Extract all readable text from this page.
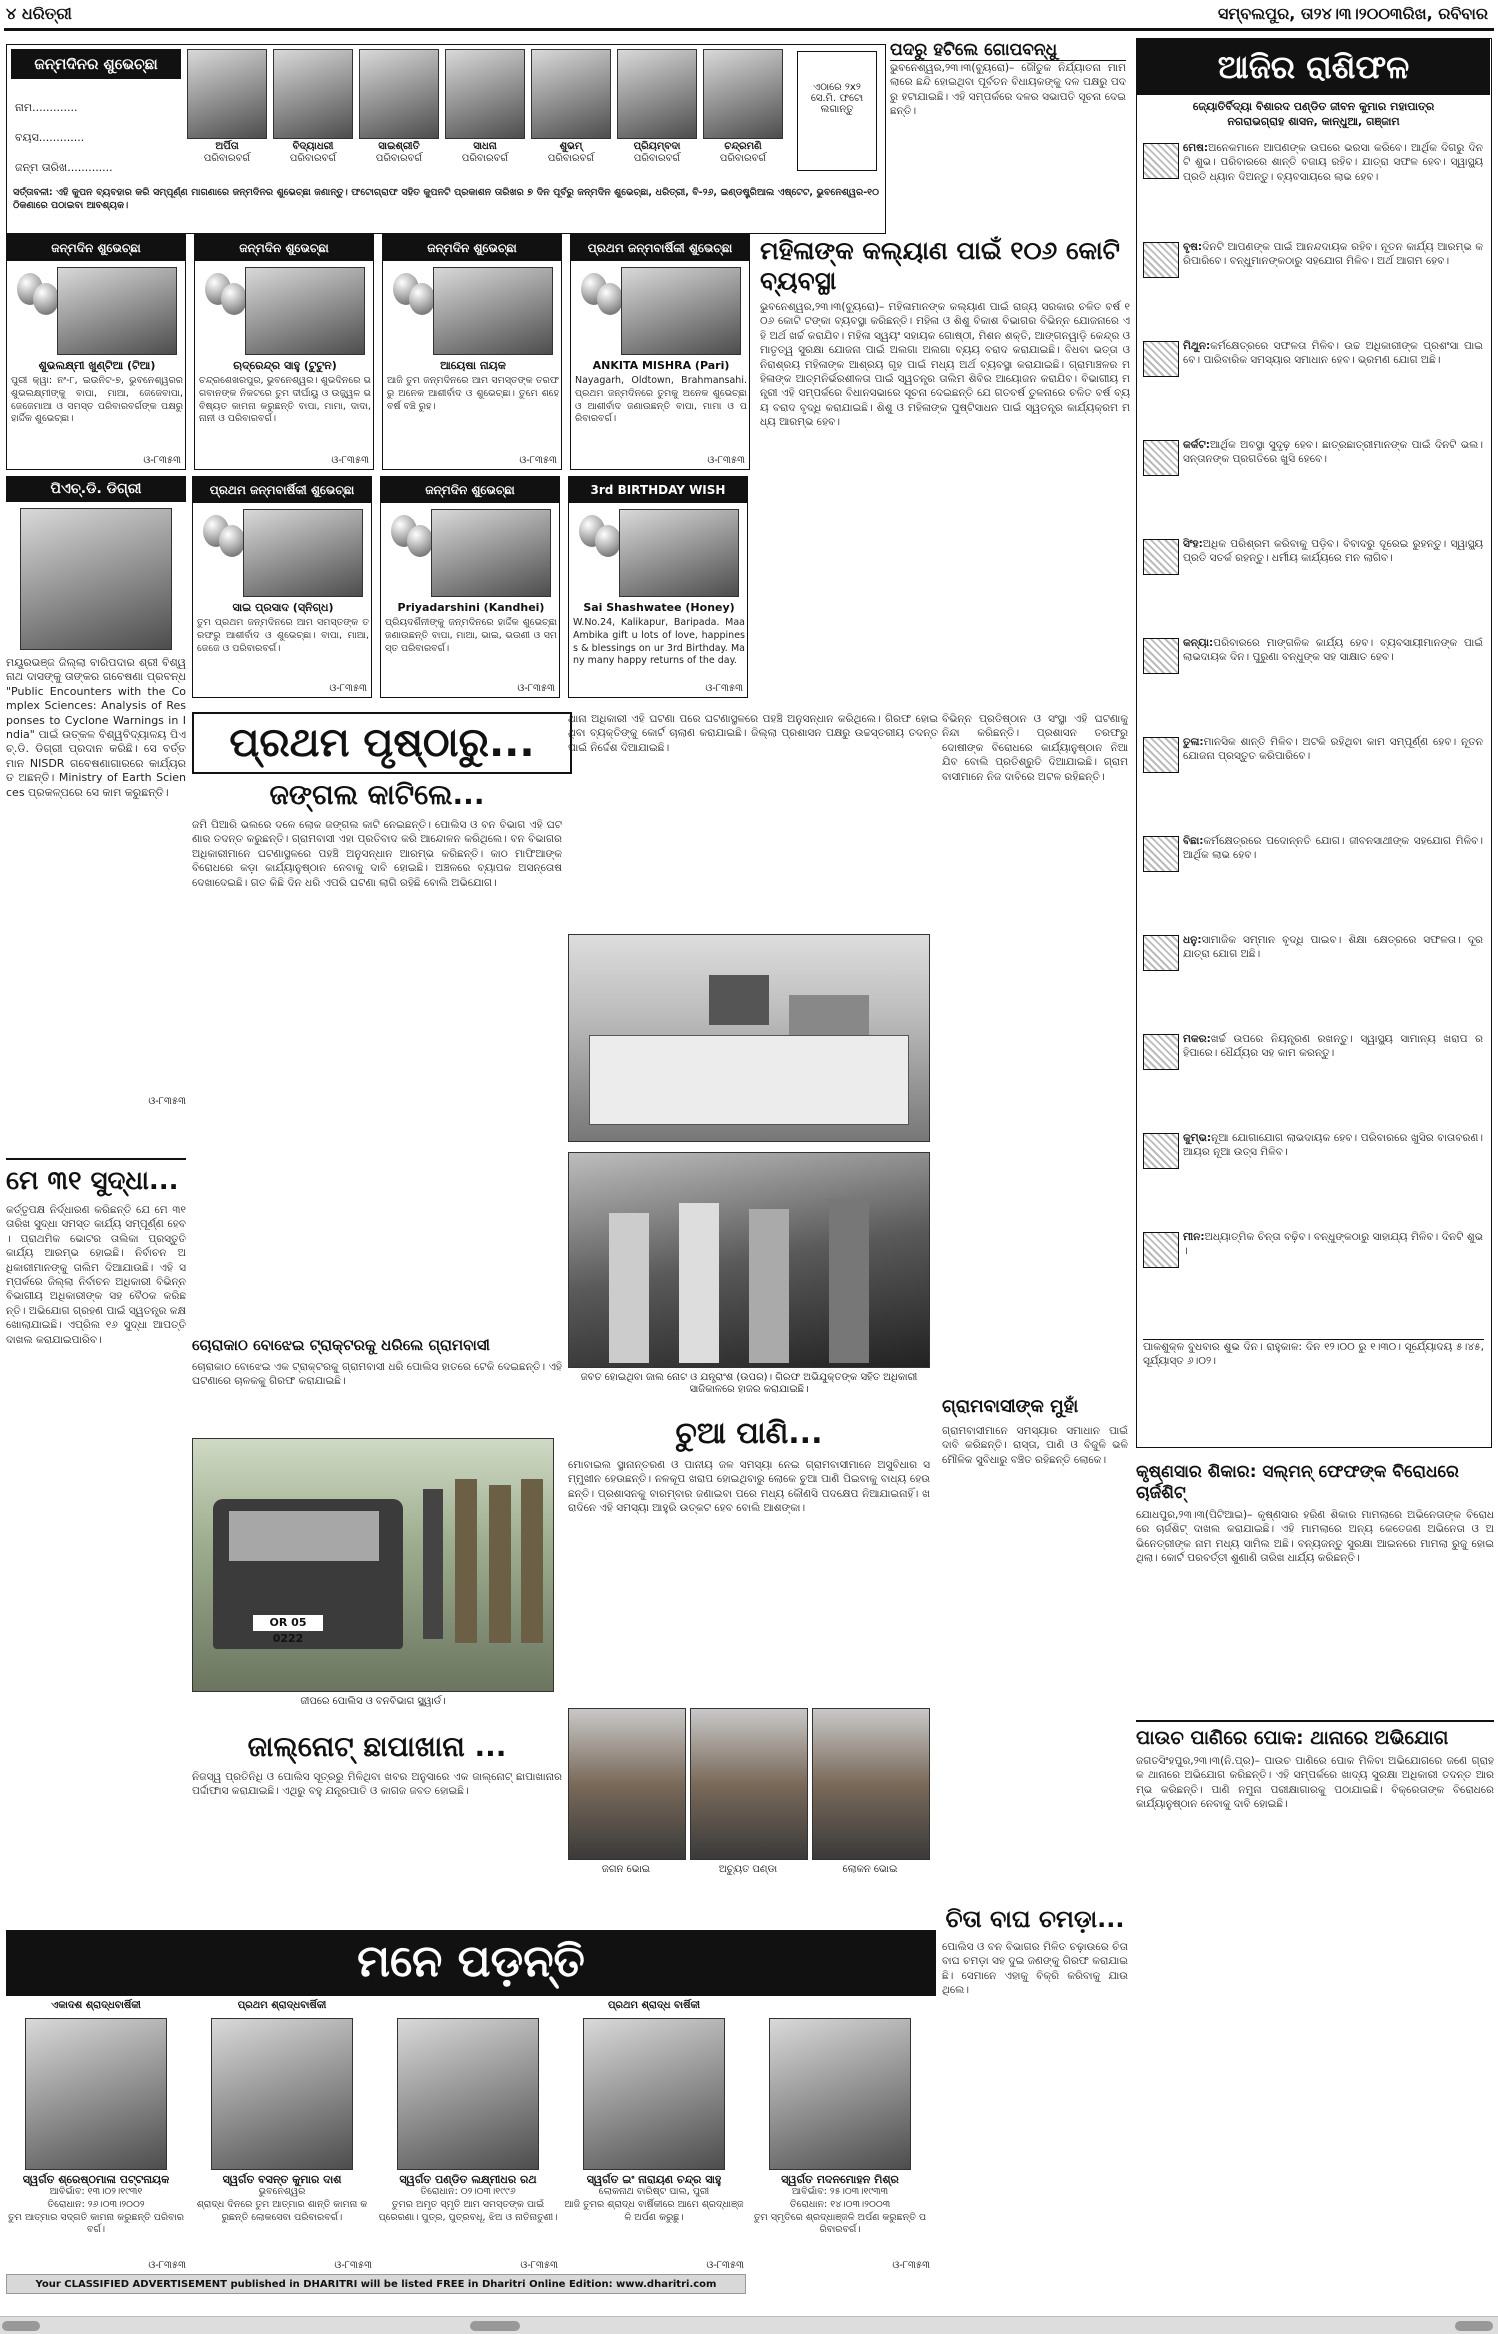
୪ ଧରିତ୍ରୀ	ସମ୍ବଲପୁର, ତା୨୪।୩।୨୦୦୩ରିଖ, ରବିବାର
ଜନ୍ମଦିନର ଶୁଭେଚ୍ଛା
ନାମ.............
ବୟସ.............
ଜନ୍ମ ତାରିଖ.............
ଅର୍ପିତା
ପରିବାରବର୍ଗ
ବିଦ୍ୟାଧରୀ
ପରିବାରବର୍ଗ
ସାଇଶ୍ରୀତି
ପରିବାରବର୍ଗ
ସାଧନା
ପରିବାରବର୍ଗ
ଶୁଭମ୍
ପରିବାରବର୍ଗ
ପ୍ରିୟମ୍ବଦା
ପରିବାରବର୍ଗ
ଚନ୍ଦ୍ରମଣି
ପରିବାରବର୍ଗ
ଏଠାରେ ୨x୨ ସେ.ମି. ଫଟୋ ଲଗାନ୍ତୁ
ସର୍ତ୍ତାବଳୀ: ଏହି କୁପନ ବ୍ୟବହାର କରି ସମ୍ପୂର୍ଣ୍ଣ ମାଗଣାରେ ଜନ୍ମଦିନର ଶୁଭେଚ୍ଛା ଜଣାନ୍ତୁ। ଫଟୋଗ୍ରାଫ ସହିତ କୁପନଟି ପ୍ରକାଶନ ତାରିଖର ୭ ଦିନ ପୂର୍ବରୁ ଜନ୍ମଦିନ ଶୁଭେଚ୍ଛା, ଧରିତ୍ରୀ, ବି-୨୬, ଇଣ୍ଡଷ୍ଟ୍ରିଆଲ ଏଷ୍ଟେଟ, ଭୁବନେଶ୍ୱର-୧୦ ଠିକଣାରେ ପଠାଇବା ଆବଶ୍ୟକ।
ପଦରୁ ହଟିଲେ ଗୋପବନ୍ଧୁ
ଭୁବନେଶ୍ୱର,୨୩।୩(ବ୍ୟୁରୋ)– ଜୌତୁକ ନିର୍ଯ୍ୟାତନା ମାମଲାରେ ଛନ୍ଦି ହୋଇଥିବା ପୂର୍ବତନ ବିଧାୟକଙ୍କୁ ଦଳ ପକ୍ଷରୁ ପଦରୁ ହଟାଯାଇଛି। ଏହି ସମ୍ପର୍କରେ ଦଳର ସଭାପତି ସୂଚନା ଦେଇଛନ୍ତି।
ଆଜିର ରାଶିଫଳ
ଜ୍ୟୋତିର୍ବିଦ୍ୟା ବିଶାରଦ ପଣ୍ଡିତ ଜୀବନ କୁମାର ମହାପାତ୍ର
ନଗରାଭଗ୍ରାହ ଶାସନ, କାନ୍ଧୁଆ, ଗଞ୍ଜାମ
ମେଷ:ଅନେକମାନେ ଆପଣଙ୍କ ଉପରେ ଭରସା କରିବେ। ଆର୍ଥିକ ଦିଗରୁ ଦିନଟି ଶୁଭ। ପରିବାରରେ ଶାନ୍ତି ବଜାୟ ରହିବ। ଯାତ୍ରା ସଫଳ ହେବ। ସ୍ୱାସ୍ଥ୍ୟ ପ୍ରତି ଧ୍ୟାନ ଦିଅନ୍ତୁ। ବ୍ୟବସାୟରେ ଲାଭ ହେବ।
ବୃଷ:ଦିନଟି ଆପଣଙ୍କ ପାଇଁ ଆନନ୍ଦଦାୟକ ରହିବ। ନୂତନ କାର୍ଯ୍ୟ ଆରମ୍ଭ କରିପାରିବେ। ବନ୍ଧୁମାନଙ୍କଠାରୁ ସହଯୋଗ ମିଳିବ। ଅର୍ଥ ଆଗମ ହେବ।
ମିଥୁନ:କର୍ମକ୍ଷେତ୍ରରେ ସଫଳତା ମିଳିବ। ଉଚ୍ଚ ଅଧିକାରୀଙ୍କ ପ୍ରଶଂସା ପାଇବେ। ପାରିବାରିକ ସମସ୍ୟାର ସମାଧାନ ହେବ। ଭ୍ରମଣ ଯୋଗ ଅଛି।
କର୍କଟ:ଆର୍ଥିକ ଅବସ୍ଥା ସୁଦୃଢ଼ ହେବ। ଛାତ୍ରଛାତ୍ରୀମାନଙ୍କ ପାଇଁ ଦିନଟି ଭଲ। ସନ୍ତାନଙ୍କ ପ୍ରଗତିରେ ଖୁସି ହେବେ।
ସିଂହ:ଅଧିକ ପରିଶ୍ରମ କରିବାକୁ ପଡ଼ିବ। ବିବାଦରୁ ଦୂରେଇ ରୁହନ୍ତୁ। ସ୍ୱାସ୍ଥ୍ୟ ପ୍ରତି ସତର୍କ ରହନ୍ତୁ। ଧର୍ମୀୟ କାର୍ଯ୍ୟରେ ମନ ଲାଗିବ।
କନ୍ୟା:ପରିବାରରେ ମାଙ୍ଗଳିକ କାର୍ଯ୍ୟ ହେବ। ବ୍ୟବସାୟୀମାନଙ୍କ ପାଇଁ ଲାଭଦାୟକ ଦିନ। ପୁରୁଣା ବନ୍ଧୁଙ୍କ ସହ ସାକ୍ଷାତ ହେବ।
ତୁଳା:ମାନସିକ ଶାନ୍ତି ମିଳିବ। ଅଟକି ରହିଥିବା କାମ ସମ୍ପୂର୍ଣ୍ଣ ହେବ। ନୂତନ ଯୋଜନା ପ୍ରସ୍ତୁତ କରିପାରିବେ।
ବିଛା:କର୍ମକ୍ଷେତ୍ରରେ ପଦୋନ୍ନତି ଯୋଗ। ଜୀବନସାଥୀଙ୍କ ସହଯୋଗ ମିଳିବ। ଆର୍ଥିକ ଲାଭ ହେବ।
ଧନୁ:ସାମାଜିକ ସମ୍ମାନ ବୃଦ୍ଧି ପାଇବ। ଶିକ୍ଷା କ୍ଷେତ୍ରରେ ସଫଳତା। ଦୂର ଯାତ୍ରା ଯୋଗ ଅଛି।
ମକର:ଖର୍ଚ୍ଚ ଉପରେ ନିୟନ୍ତ୍ରଣ ରଖନ୍ତୁ। ସ୍ୱାସ୍ଥ୍ୟ ସାମାନ୍ୟ ଖରାପ ରହିପାରେ। ଧୈର୍ଯ୍ୟର ସହ କାମ କରନ୍ତୁ।
କୁମ୍ଭ:ନୂଆ ଯୋଗାଯୋଗ ଲାଭଦାୟକ ହେବ। ପରିବାରରେ ଖୁସିର ବାତାବରଣ। ଆୟର ନୂଆ ଉତ୍ସ ମିଳିବ।
ମୀନ:ଅଧ୍ୟାତ୍ମିକ ଚିନ୍ତା ବଢ଼ିବ। ବନ୍ଧୁଙ୍କଠାରୁ ସାହାଯ୍ୟ ମିଳିବ। ଦିନଟି ଶୁଭ।
ପାକଶୁକ୍ଳ ବୁଧବାର ଶୁଭ ଦିନ। ରାହୁକାଳ: ଦିନ ୧୨।୦୦ ରୁ ୧।୩୦। ସୂର୍ଯ୍ୟୋଦୟ ୫।୪୫, ସୂର୍ଯ୍ୟାସ୍ତ ୬।୦୨।
ଜନ୍ମଦିନ ଶୁଭେଚ୍ଛା
ଶୁଭଲକ୍ଷ୍ମୀ ଖୁଣ୍ଟିଆ (ଟିଆ)
ପୁରୀ କ୍ୱା: ନଂ-୮, ଇଉନିଟ-୭, ଭୁବନେଶ୍ୱରର ଶୁଭଲକ୍ଷ୍ମୀଙ୍କୁ ବାପା, ମାଆ, ଜେଜେବାପା, ଜେଜେମାଆ ଓ ସମସ୍ତ ପରିବାରବର୍ଗଙ୍କ ପକ୍ଷରୁ ହାର୍ଦ୍ଦିକ ଶୁଭେଚ୍ଛା।
ଓ-୮୩୫୩
ଜନ୍ମଦିନ ଶୁଭେଚ୍ଛା
ଋଦ୍ରେନ୍ଦ୍ର ସାହୁ (ଟୁଟୁନ)
ଚନ୍ଦ୍ରଶେଖରପୁର, ଭୁବନେଶ୍ୱର। ଶୁଭଦିନରେ ଭଗବାନଙ୍କ ନିକଟରେ ତୁମ ଦୀର୍ଘାୟୁ ଓ ଉଜ୍ଜ୍ୱଳ ଭବିଷ୍ୟତ କାମନା କରୁଛନ୍ତି ବାପା, ମାମା, ଦାଦା, ନାନୀ ଓ ପରିବାରବର୍ଗ।
ଓ-୮୩୫୩
ଜନ୍ମଦିନ ଶୁଭେଚ୍ଛା
ଆୟେଷା ନାୟକ
ଆଜି ତୁମ ଜନ୍ମଦିନରେ ଆମ ସମସ୍ତଙ୍କ ତରଫରୁ ଅନେକ ଆଶୀର୍ବାଦ ଓ ଶୁଭେଚ୍ଛା। ତୁମେ ଶହେ ବର୍ଷ ବଞ୍ଚି ରୁହ।
ଓ-୮୩୫୩
ପ୍ରଥମ ଜନ୍ମବାର୍ଷିକୀ ଶୁଭେଚ୍ଛା
ANKITA MISHRA (Pari)
Nayagarh, Oldtown, Brahmansahi. ପ୍ରଥମ ଜନ୍ମଦିନରେ ତୁମକୁ ଅନେକ ଶୁଭେଚ୍ଛା ଓ ଆଶୀର୍ବାଦ ଜଣାଉଛନ୍ତି ବାପା, ମାମା ଓ ପରିବାରବର୍ଗ।
ଓ-୮୩୫୩
ପ୍ରଥମ ଜନ୍ମବାର୍ଷିକୀ ଶୁଭେଚ୍ଛା
ସାଇ ପ୍ରସାଦ (ସ୍ନିଗ୍ଧ)
ତୁମ ପ୍ରଥମ ଜନ୍ମଦିନରେ ଆମ ସମସ୍ତଙ୍କ ତରଫରୁ ଆଶୀର୍ବାଦ ଓ ଶୁଭେଚ୍ଛା। ବାପା, ମାଆ, ଜେଜେ ଓ ପରିବାରବର୍ଗ।
ଓ-୮୩୫୩
ଜନ୍ମଦିନ ଶୁଭେଚ୍ଛା
Priyadarshini (Kandhei)
ପ୍ରିୟଦର୍ଶିନୀଙ୍କୁ ଜନ୍ମଦିନରେ ହାର୍ଦ୍ଦିକ ଶୁଭେଚ୍ଛା ଜଣାଉଛନ୍ତି ବାପା, ମାଆ, ଭାଇ, ଭଉଣୀ ଓ ସମସ୍ତ ପରିବାରବର୍ଗ।
ଓ-୮୩୫୩
3rd BIRTHDAY WISH
Sai Shashwatee (Honey)
W.No.24, Kalikapur, Baripada. Maa Ambika gift u lots of love, happiness & blessings on ur 3rd Birthday. Many many happy returns of the day.
ଓ-୮୩୫୩
ମହିଳାଙ୍କ କଲ୍ୟାଣ ପାଇଁ ୧୦୬ କୋଟି ବ୍ୟବସ୍ଥା
ଭୁବନେଶ୍ୱର,୨୩।୩(ବ୍ୟୁରୋ)– ମହିଳାମାନଙ୍କ କଲ୍ୟାଣ ପାଇଁ ରାଜ୍ୟ ସରକାର ଚଳିତ ବର୍ଷ ୧୦୬ କୋଟି ଟଙ୍କା ବ୍ୟବସ୍ଥା କରିଛନ୍ତି। ମହିଳା ଓ ଶିଶୁ ବିକାଶ ବିଭାଗର ବିଭିନ୍ନ ଯୋଜନାରେ ଏହି ଅର୍ଥ ଖର୍ଚ୍ଚ କରାଯିବ। ମହିଳା ସ୍ୱୟଂ ସହାୟକ ଗୋଷ୍ଠୀ, ମିଶନ ଶକ୍ତି, ଆଙ୍ଗନୱାଡ଼ି କେନ୍ଦ୍ର ଓ ମାତୃତ୍ୱ ସୁରକ୍ଷା ଯୋଜନା ପାଇଁ ଅଲଗା ଅଲଗା ବ୍ୟୟ ବରାଦ କରାଯାଇଛି। ବିଧବା ଭତ୍ତା ଓ ନିରାଶ୍ରୟ ମହିଳାଙ୍କ ଆଶ୍ରୟ ଗୃହ ପାଇଁ ମଧ୍ୟ ଅର୍ଥ ବ୍ୟବସ୍ଥା କରାଯାଇଛି। ଗ୍ରାମାଞ୍ଚଳର ମହିଳାଙ୍କ ଆତ୍ମନିର୍ଭରଶୀଳତା ପାଇଁ ସ୍ୱତନ୍ତ୍ର ତାଲିମ ଶିବିର ଆୟୋଜନ କରାଯିବ। ବିଭାଗୀୟ ମନ୍ତ୍ରୀ ଏହି ସମ୍ପର୍କରେ ବିଧାନସଭାରେ ସୂଚନା ଦେଇଛନ୍ତି ଯେ ଗତବର୍ଷ ତୁଳନାରେ ଚଳିତ ବର୍ଷ ବ୍ୟୟ ବରାଦ ବୃଦ୍ଧି କରାଯାଇଛି। ଶିଶୁ ଓ ମହିଳାଙ୍କ ପୁଷ୍ଟିସାଧନ ପାଇଁ ସ୍ୱତନ୍ତ୍ର କାର୍ଯ୍ୟକ୍ରମ ମଧ୍ୟ ଆରମ୍ଭ ହେବ।
ପିଏଚ୍.ଡି. ଡିଗ୍ରୀ
ମୟୂରଭଞ୍ଜ ଜିଲ୍ଲା ବାରିପଦାର ଶ୍ରୀ ବିଶ୍ୱନାଥ ଦାସଙ୍କୁ ତାଙ୍କର ଗବେଷଣା ପ୍ରବନ୍ଧ "Public Encounters with the Complex Sciences: Analysis of Responses to Cyclone Warnings in India" ପାଇଁ ଉତ୍କଳ ବିଶ୍ୱବିଦ୍ୟାଳୟ ପିଏଚ୍.ଡି. ଡିଗ୍ରୀ ପ୍ରଦାନ କରିଛି। ସେ ବର୍ତ୍ତମାନ NISDR ଗବେଷଣାଗାରରେ କାର୍ଯ୍ୟରତ ଅଛନ୍ତି। Ministry of Earth Sciences ପ୍ରକଳ୍ପରେ ସେ କାମ କରୁଛନ୍ତି।
ଓ-୮୩୫୩
ମେ ୩୧ ସୁଦ୍ଧା...
କର୍ତ୍ତୃପକ୍ଷ ନିର୍ଦ୍ଧାରଣ କରିଛନ୍ତି ଯେ ମେ ୩୧ ତାରିଖ ସୁଦ୍ଧା ସମସ୍ତ କାର୍ଯ୍ୟ ସମ୍ପୂର୍ଣ୍ଣ ହେବ। ପ୍ରାଥମିକ ଭୋଟର ତାଲିକା ପ୍ରସ୍ତୁତି କାର୍ଯ୍ୟ ଆରମ୍ଭ ହୋଇଛି। ନିର୍ବାଚନ ଅଧିକାରୀମାନଙ୍କୁ ତାଲିମ ଦିଆଯାଉଛି। ଏହି ସମ୍ପର୍କରେ ଜିଲ୍ଲା ନିର୍ବାଚନ ଅଧିକାରୀ ବିଭିନ୍ନ ବିଭାଗୀୟ ଅଧିକାରୀଙ୍କ ସହ ବୈଠକ କରିଛନ୍ତି। ଅଭିଯୋଗ ଗ୍ରହଣ ପାଇଁ ସ୍ୱତନ୍ତ୍ର କକ୍ଷ ଖୋଲାଯାଇଛି। ଏପ୍ରିଲ ୧୬ ସୁଦ୍ଧା ଆପତ୍ତି ଦାଖଲ କରାଯାଇପାରିବ।
ପ୍ରଥମ ପୃଷ୍ଠାରୁ...
ଜଙ୍ଗଲ କାଟିଲେ...
ଜମି ପିଆରି ଭଲରେ ଦଳେ ଲୋକ ଜଙ୍ଗଲ କାଟି ନେଇଛନ୍ତି। ପୋଲିସ ଓ ବନ ବିଭାଗ ଏହି ଘଟଣାର ତଦନ୍ତ କରୁଛନ୍ତି। ଗ୍ରାମବାସୀ ଏହା ପ୍ରତିବାଦ କରି ଆନ୍ଦୋଳନ କରିଥିଲେ। ବନ ବିଭାଗର ଅଧିକାରୀମାନେ ଘଟଣାସ୍ଥଳରେ ପହଞ୍ଚି ଅନୁସନ୍ଧାନ ଆରମ୍ଭ କରିଛନ୍ତି। କାଠ ମାଫିଆଙ୍କ ବିରୋଧରେ କଡ଼ା କାର୍ଯ୍ୟାନୁଷ୍ଠାନ ନେବାକୁ ଦାବି ହୋଇଛି। ଅଞ୍ଚଳରେ ବ୍ୟାପକ ଅସନ୍ତୋଷ ଦେଖାଦେଇଛି। ଗତ କିଛି ଦିନ ଧରି ଏପରି ଘଟଣା ଲାଗି ରହିଛି ବୋଲି ଅଭିଯୋଗ।
ଚୋରାକାଠ ବୋଝେଇ ଟ୍ରାକ୍ଟରକୁ ଧରିଲେ ଗ୍ରାମବାସୀ
ଚୋରାକାଠ ବୋଝେଇ ଏକ ଟ୍ରାକ୍ଟରକୁ ଗ୍ରାମବାସୀ ଧରି ପୋଲିସ ହାତରେ ଟେକି ଦେଇଛନ୍ତି। ଏହି ଘଟଣାରେ ଚାଳକକୁ ଗିରଫ କରାଯାଇଛି।
OR 05 0222
ଜୀପରେ ପୋଲିସ ଓ ବନବିଭାଗ ସ୍କ୍ୱାର୍ଡ।
ଜାଲ୍‌ନୋଟ୍ ଛାପାଖାନା ...
ନିଜସ୍ୱ ପ୍ରତିନିଧି ଓ ପୋଲିସ ସୂତ୍ରରୁ ମିଳିଥିବା ଖବର ଅନୁସାରେ ଏକ ଜାଲ୍‌ନୋଟ୍ ଛାପାଖାନାର ପର୍ଦ୍ଦାଫାସ କରାଯାଇଛି। ଏଥିରୁ ବହୁ ଯନ୍ତ୍ରପାତି ଓ କାଗଜ ଜବତ ହୋଇଛି।
ଥାନା ଅଧିକାରୀ ଏହି ଘଟଣା ପରେ ଘଟଣାସ୍ଥଳରେ ପହଞ୍ଚି ଅନୁସନ୍ଧାନ କରିଥିଲେ। ଗିରଫ ହୋଇଥିବା ବ୍ୟକ୍ତିଙ୍କୁ କୋର୍ଟ ଚାଲାଣ କରାଯାଇଛି। ଜିଲ୍ଲା ପ୍ରଶାସନ ପକ୍ଷରୁ ଉଚ୍ଚସ୍ତରୀୟ ତଦନ୍ତ ପାଇଁ ନିର୍ଦ୍ଦେଶ ଦିଆଯାଇଛି।
ଜବତ ହୋଇଥିବା ଜାଲ ନୋଟ ଓ ଯନ୍ତ୍ରାଂଶ (ଉପର)। ଗିରଫ ଅଭିଯୁକ୍ତଙ୍କ ସହିତ ଅଧିକାରୀ ସାଜିକାଳରେ ହାଜର କରାଯାଇଛି।
ଚୁଆ ପାଣି...
ମୋବାଇଲ ସ୍ଥାନାନ୍ତରଣ ଓ ପାନୀୟ ଜଳ ସମସ୍ୟା ନେଇ ଗ୍ରାମବାସୀମାନେ ଅସୁବିଧାର ସମ୍ମୁଖୀନ ହେଉଛନ୍ତି। ନଳକୂପ ଖରାପ ହୋଇଥିବାରୁ ଲୋକେ ଚୁଆ ପାଣି ପିଇବାକୁ ବାଧ୍ୟ ହେଉଛନ୍ତି। ପ୍ରଶାସନକୁ ବାରମ୍ବାର ଜଣାଇବା ପରେ ମଧ୍ୟ କୌଣସି ପଦକ୍ଷେପ ନିଆଯାଇନାହିଁ। ଖରାଦିନେ ଏହି ସମସ୍ୟା ଆହୁରି ଉତ୍କଟ ହେବ ବୋଲି ଆଶଙ୍କା।
ଜଗନ ଭୋଇ	ଅଚ୍ୟୁତ ପଣ୍ଡା	ଲୋକନ ଭୋଇ
ବିଭିନ୍ନ ପ୍ରତିଷ୍ଠାନ ଓ ସଂସ୍ଥା ଏହି ଘଟଣାକୁ ନିନ୍ଦା କରିଛନ୍ତି। ପ୍ରଶାସନ ତରଫରୁ ଦୋଷୀଙ୍କ ବିରୋଧରେ କାର୍ଯ୍ୟାନୁଷ୍ଠାନ ନିଆଯିବ ବୋଲି ପ୍ରତିଶ୍ରୁତି ଦିଆଯାଇଛି। ଗ୍ରାମବାସୀମାନେ ନିଜ ଦାବିରେ ଅଟଳ ରହିଛନ୍ତି।
ଗ୍ରାମବାସୀଙ୍କ ମୁହାଁ
ଗ୍ରାମବାସୀମାନେ ସମସ୍ୟାର ସମାଧାନ ପାଇଁ ଦାବି କରିଛନ୍ତି। ରାସ୍ତା, ପାଣି ଓ ବିଜୁଳି ଭଳି ମୌଳିକ ସୁବିଧାରୁ ବଞ୍ଚିତ ରହିଛନ୍ତି ଲୋକେ।
କୃଷ୍ଣସାର ଶିକାର: ସଲ୍‌ମନ୍ ଫେଫଙ୍କ ବିରୋଧରେ ଚାର୍ଜଶିଟ୍
ଯୋଧପୁର,୨୩।୩(ପିଟିଆଇ)– କୃଷ୍ଣସାର ହରିଣ ଶିକାର ମାମଲାରେ ଅଭିନେତାଙ୍କ ବିରୋଧରେ ଚାର୍ଜଶିଟ୍ ଦାଖଲ କରାଯାଇଛି। ଏହି ମାମଲାରେ ଅନ୍ୟ କେତେଜଣ ଅଭିନେତା ଓ ଅଭିନେତ୍ରୀଙ୍କ ନାମ ମଧ୍ୟ ସାମିଲ ଅଛି। ବନ୍ୟଜନ୍ତୁ ସୁରକ୍ଷା ଆଇନରେ ମାମଲା ରୁଜୁ ହୋଇଥିଲା। କୋର୍ଟ ପରବର୍ତ୍ତୀ ଶୁଣାଣି ତାରିଖ ଧାର୍ଯ୍ୟ କରିଛନ୍ତି।
ପାଉଚ ପାଣିରେ ପୋକ: ଥାନାରେ ଅଭିଯୋଗ
ଜଗତସିଂହପୁର,୨୩।୩(ନି.ପ୍ର)– ପାଉଚ ପାଣିରେ ପୋକ ମିଳିବା ଅଭିଯୋଗରେ ଜଣେ ଗ୍ରାହକ ଥାନାରେ ଅଭିଯୋଗ କରିଛନ୍ତି। ଏହି ସମ୍ପର୍କରେ ଖାଦ୍ୟ ସୁରକ୍ଷା ଅଧିକାରୀ ତଦନ୍ତ ଆରମ୍ଭ କରିଛନ୍ତି। ପାଣି ନମୁନା ପରୀକ୍ଷାଗାରକୁ ପଠାଯାଇଛି। ବିକ୍ରେତାଙ୍କ ବିରୋଧରେ କାର୍ଯ୍ୟାନୁଷ୍ଠାନ ନେବାକୁ ଦାବି ହୋଇଛି।
ଚିତା ବାଘ ଚମଡ଼ା...
ପୋଲିସ ଓ ବନ ବିଭାଗର ମିଳିତ ଚଢ଼ାଉରେ ଚିତା ବାଘ ଚମଡ଼ା ସହ ଦୁଇ ଜଣଙ୍କୁ ଗିରଫ କରାଯାଇଛି। ସେମାନେ ଏହାକୁ ବିକ୍ରି କରିବାକୁ ଯାଉଥିଲେ।
ମନେ ପଡ଼ନ୍ତି
ଏକାଦଶ ଶ୍ରାଦ୍ଧବାର୍ଷିକୀ
ସ୍ୱର୍ଗତ ଶ୍ରେଷ୍ଠମାଳା ପଟ୍ଟନାୟକ
ଆବିର୍ଭାବ: ୧୩।୦୨।୧୯୩୧
ତିରୋଧାନ: ୨୬।୦୩।୨୦୦୨
ତୁମ ଆତ୍ମାର ସଦ୍‌ଗତି କାମନା କରୁଛନ୍ତି ପରିବାରବର୍ଗ।
ଓ-୮୩୫୩
ପ୍ରଥମ ଶ୍ରାଦ୍ଧବାର୍ଷିକୀ
ସ୍ୱର୍ଗତ ବସନ୍ତ କୁମାର ଦାଶ
ଭୁବନେଶ୍ୱର
ଶ୍ରାଦ୍ଧ ଦିନରେ ତୁମ ଆତ୍ମାର ଶାନ୍ତି କାମନା କରୁଛନ୍ତି ଲୋକସେବା ପରିବାରବର୍ଗ।
ଓ-୮୩୫୩
ସ୍ୱର୍ଗତ ପଣ୍ଡିତ ଲକ୍ଷ୍ମୀଧର ରଥ
ତିରୋଧାନ: ୦୨।୦୩।୧୯୯୬
ତୁମର ଅମୃତ ସ୍ମୃତି ଆମ ସମସ୍ତଙ୍କ ପାଇଁ ପ୍ରେରଣା। ପୁତ୍ର, ପୁତ୍ରବଧୂ, ଝିଅ ଓ ନାତିନାତୁଣୀ।
ଓ-୮୩୫୩
ପ୍ରଥମ ଶ୍ରାଦ୍ଧ ବାର୍ଷିକୀ
ସ୍ୱର୍ଗତ ଇଂ ନାରାୟଣ ଚନ୍ଦ୍ର ସାହୁ
ଲୋକନାଥ ବାରିଷ୍ଟ ପାଲ, ପୁରୀ
ଆଜି ତୁମର ଶ୍ରାଦ୍ଧ ବାର୍ଷିକୀରେ ଆମେ ଶ୍ରଦ୍ଧାଞ୍ଜଳି ଅର୍ପଣ କରୁଛୁ।
ଓ-୮୩୫୩
ସ୍ୱର୍ଗତ ମଦନମୋହନ ମିଶ୍ର
ଆବିର୍ଭାବ: ୨୫।୦୩।୧୯୩୩
ତିରୋଧାନ: ୧୪।୦୩।୨୦୦୩
ତୁମ ସ୍ମୃତିରେ ଶ୍ରଦ୍ଧାଞ୍ଜଳି ଅର୍ପଣ କରୁଛନ୍ତି ପରିବାରବର୍ଗ।
ଓ-୮୩୫୩
Your CLASSIFIED ADVERTISEMENT published in DHARITRI will be listed FREE in Dharitri Online Edition: www.dharitri.com
